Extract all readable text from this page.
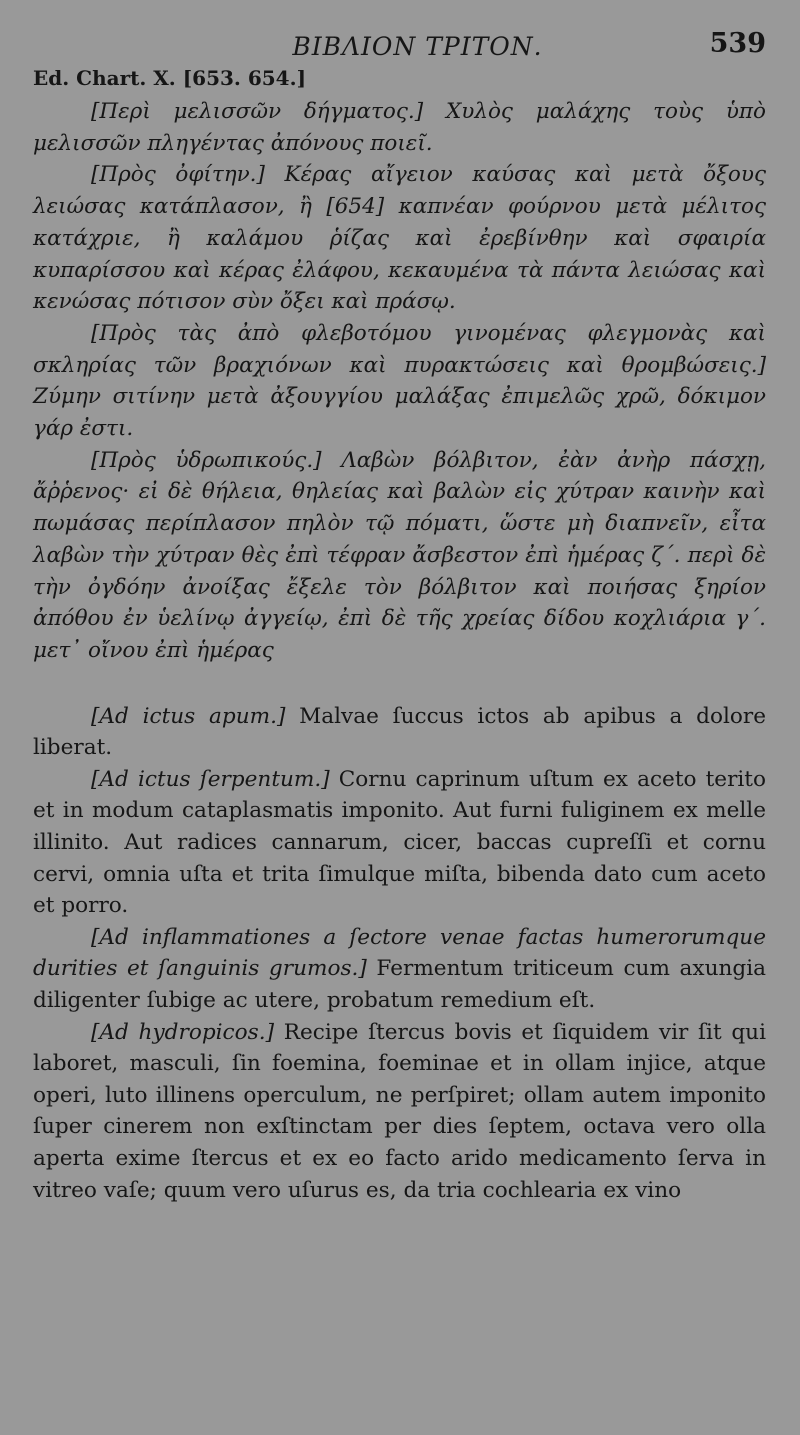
ΒΙΒΛΙΟΝ ΤΡΙΤΟΝ.	539
Ed. Chart. X. [653. 654.]

[Περὶ μελισσῶν δήγματος.] Χυλὸς μαλάχης τοὺς ὑπὸ μελισσῶν πληγέντας ἀπόνους ποιεῖ.

[Πρὸς ὀφίτην.] Κέρας αἴγειον καύσας καὶ μετὰ ὄξους λειώσας κατάπλασον, ἢ [654] καπνέαν φούρνου μετὰ μέλιτος κατάχριε, ἢ καλάμου ῥίζας καὶ ἐρεβίνθην καὶ σφαιρία κυπαρίσσου καὶ κέρας ἐλάφου, κεκαυμένα τὰ πάντα λειώσας καὶ κενώσας πότισον σὺν ὄξει καὶ πράσῳ.

[Πρὸς τὰς ἀπὸ φλεβοτόμου γινομένας φλεγμονὰς καὶ σκληρίας τῶν βραχιόνων καὶ πυρακτώσεις καὶ θρομβώσεις.] Ζύμην σιτίνην μετὰ ἀξουγγίου μαλάξας ἐπιμελῶς χρῶ, δόκιμον γάρ ἐστι.

[Πρὸς ὑδρωπικούς.] Λαβὼν βόλβιτον, ἐὰν ἀνὴρ πάσχῃ, ἄῤῥενος· εἰ δὲ θήλεια, θηλείας καὶ βαλὼν εἰς χύτραν καινὴν καὶ πωμάσας περίπλασον πηλὸν τῷ πόματι, ὥστε μὴ διαπνεῖν, εἶτα λαβὼν τὴν χύτραν θὲς ἐπὶ τέφραν ἄσβεστον ἐπὶ ἡμέρας ζ΄. περὶ δὲ τὴν ὀγδόην ἀνοίξας ἔξελε τὸν βόλβιτον καὶ ποιήσας ξηρίον ἀπόθου ἐν ὑελίνῳ ἀγγείῳ, ἐπὶ δὲ τῆς χρείας δίδου κοχλιάρια γ΄. μετ᾽ οἴνου ἐπὶ ἡμέρας

[Ad ictus apum.] Malvae ſuccus ictos ab apibus a dolore liberat.

[Ad ictus ſerpentum.] Cornu caprinum uſtum ex aceto terito et in modum cataplasmatis imponito. Aut furni fuliginem ex melle illinito. Aut radices cannarum, cicer, baccas cupreſſi et cornu cervi, omnia uſta et trita ſimulque miſta, bibenda dato cum aceto et porro.

[Ad inflammationes a ſectore venae factas humerorumque durities et ſanguinis grumos.] Fermentum triticeum cum axungia diligenter ſubige ac utere, probatum remedium eſt.

[Ad hydropicos.] Recipe ſtercus bovis et ſiquidem vir ſit qui laboret, masculi, ſin foemina, foeminae et in ollam injice, atque operi, luto illinens operculum, ne perſpiret; ollam autem imponito ſuper cinerem non exſtinctam per dies ſeptem, octava vero olla aperta exime ſtercus et ex eo facto arido medicamento ſerva in vitreo vaſe; quum vero uſurus es, da tria cochlearia ex vino
